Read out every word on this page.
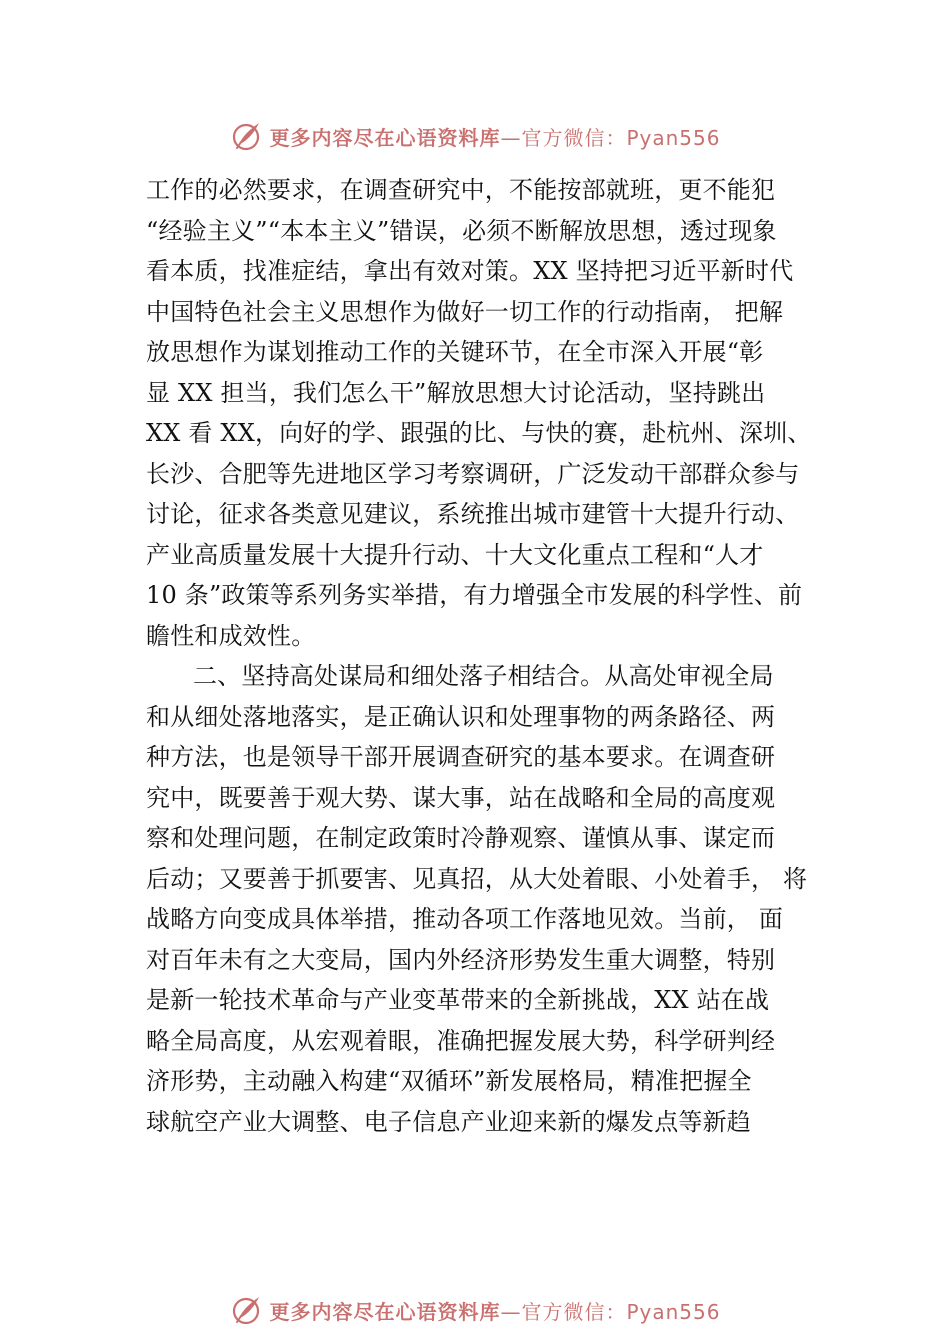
更多内容尽在心语资料库—官方微信：Pyan556
工作的必然要求，在调查研究中，不能按部就班，更不能犯
“经验主义”“本本主义”错误，必须不断解放思想，透过现象
看本质，找准症结，拿出有效对策。XX 坚持把习近平新时代
中国特色社会主义思想作为做好一切工作的行动指南， 把解
放思想作为谋划推动工作的关键环节，在全市深入开展“彰
显 XX 担当，我们怎么干”解放思想大讨论活动，坚持跳出
XX 看 XX，向好的学、跟强的比、与快的赛，赴杭州、深圳、
长沙、合肥等先进地区学习考察调研，广泛发动干部群众参与
讨论，征求各类意见建议，系统推出城市建管十大提升行动、
产业高质量发展十大提升行动、十大文化重点工程和“人才
10 条”政策等系列务实举措，有力增强全市发展的科学性、前
瞻性和成效性。
二、坚持高处谋局和细处落子相结合。从高处审视全局
和从细处落地落实，是正确认识和处理事物的两条路径、两
种方法，也是领导干部开展调查研究的基本要求。在调查研
究中，既要善于观大势、谋大事，站在战略和全局的高度观
察和处理问题，在制定政策时冷静观察、谨慎从事、谋定而
后动；又要善于抓要害、见真招，从大处着眼、小处着手， 将
战略方向变成具体举措，推动各项工作落地见效。当前， 面
对百年未有之大变局，国内外经济形势发生重大调整，特别
是新一轮技术革命与产业变革带来的全新挑战，XX 站在战
略全局高度，从宏观着眼，准确把握发展大势，科学研判经
济形势，主动融入构建“双循环”新发展格局，精准把握全
球航空产业大调整、电子信息产业迎来新的爆发点等新趋
更多内容尽在心语资料库—官方微信：Pyan556
